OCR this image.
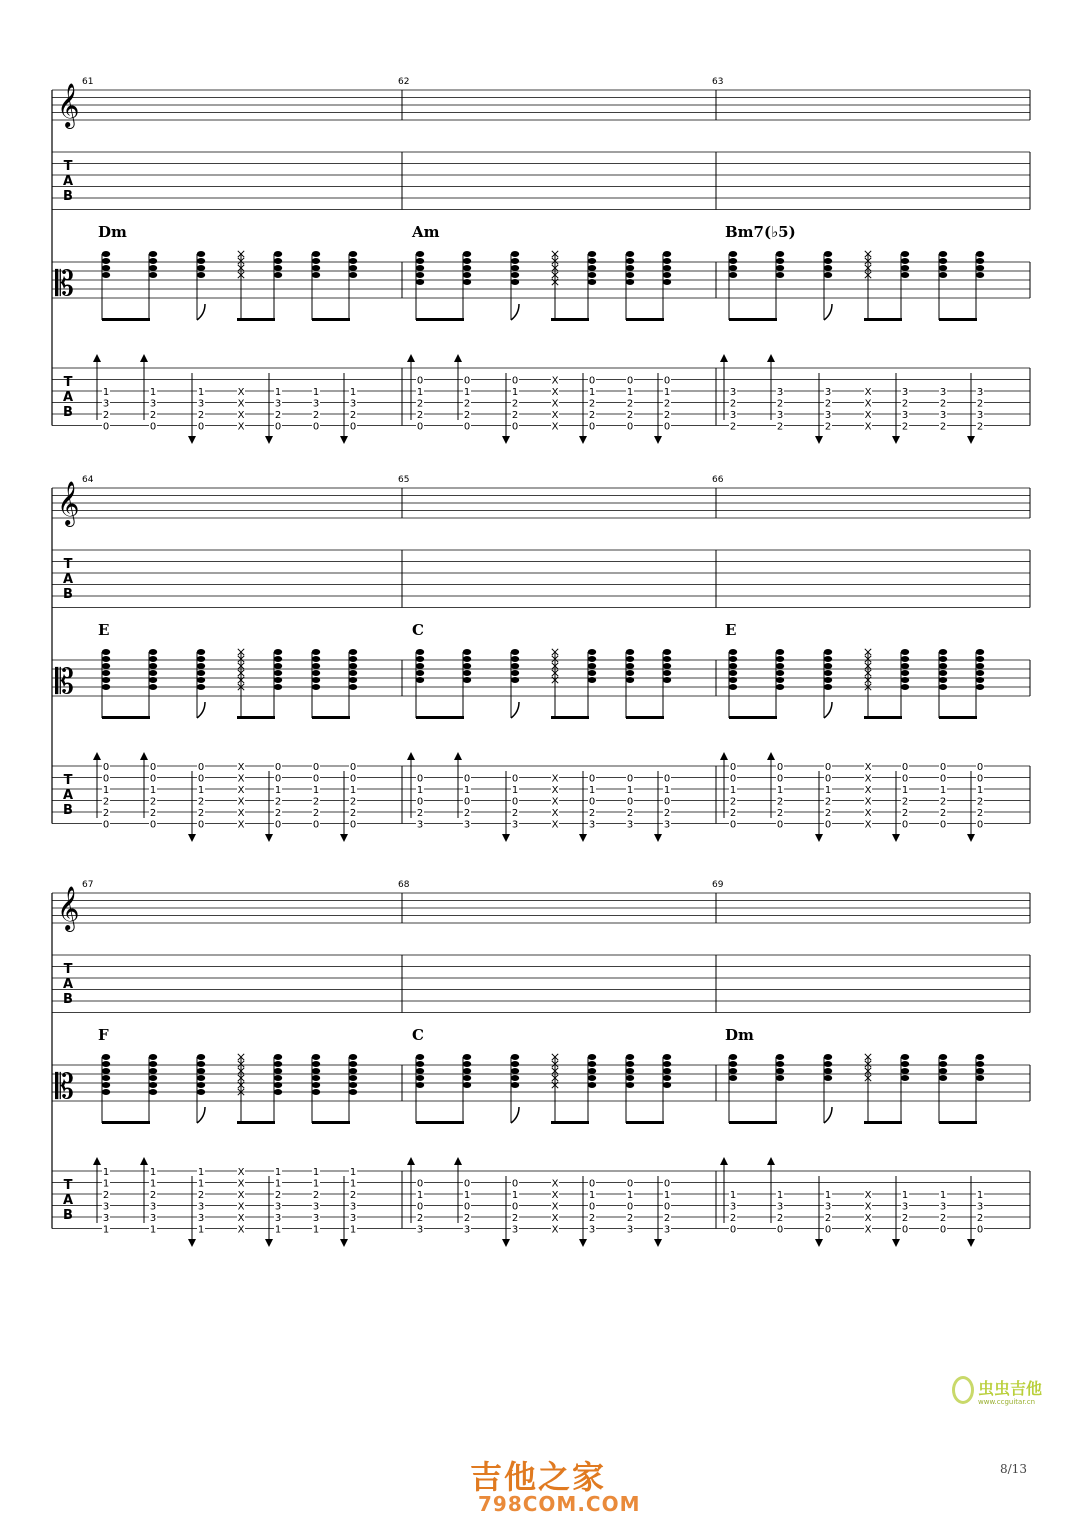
𝄞
𝄡
T
A
B
T
A
B
61
Dm
1
3
2
0
1
3
2
0
1
3
2
0
X
X
X
X
1
3
2
0
1
3
2
0
1
3
2
0
62
Am
0
1
2
2
0
0
1
2
2
0
0
1
2
2
0
X
X
X
X
X
0
1
2
2
0
0
1
2
2
0
0
1
2
2
0
63
Bm7(♭5)
3
2
3
2
3
2
3
2
3
2
3
2
X
X
X
X
3
2
3
2
3
2
3
2
3
2
3
2
𝄞
𝄡
T
A
B
T
A
B
64
E
0
0
1
2
2
0
0
0
1
2
2
0
0
0
1
2
2
0
X
X
X
X
X
X
0
0
1
2
2
0
0
0
1
2
2
0
0
0
1
2
2
0
65
C
0
1
0
2
3
0
1
0
2
3
0
1
0
2
3
X
X
X
X
X
0
1
0
2
3
0
1
0
2
3
0
1
0
2
3
66
E
0
0
1
2
2
0
0
0
1
2
2
0
0
0
1
2
2
0
X
X
X
X
X
X
0
0
1
2
2
0
0
0
1
2
2
0
0
0
1
2
2
0
𝄞
𝄡
T
A
B
T
A
B
67
F
1
1
2
3
3
1
1
1
2
3
3
1
1
1
2
3
3
1
X
X
X
X
X
X
1
1
2
3
3
1
1
1
2
3
3
1
1
1
2
3
3
1
68
C
0
1
0
2
3
0
1
0
2
3
0
1
0
2
3
X
X
X
X
X
0
1
0
2
3
0
1
0
2
3
0
1
0
2
3
69
Dm
1
3
2
0
1
3
2
0
1
3
2
0
X
X
X
X
1
3
2
0
1
3
2
0
1
3
2
0
8/13
吉他之家
798COM.COM
虫虫吉他
www.ccguitar.cn
